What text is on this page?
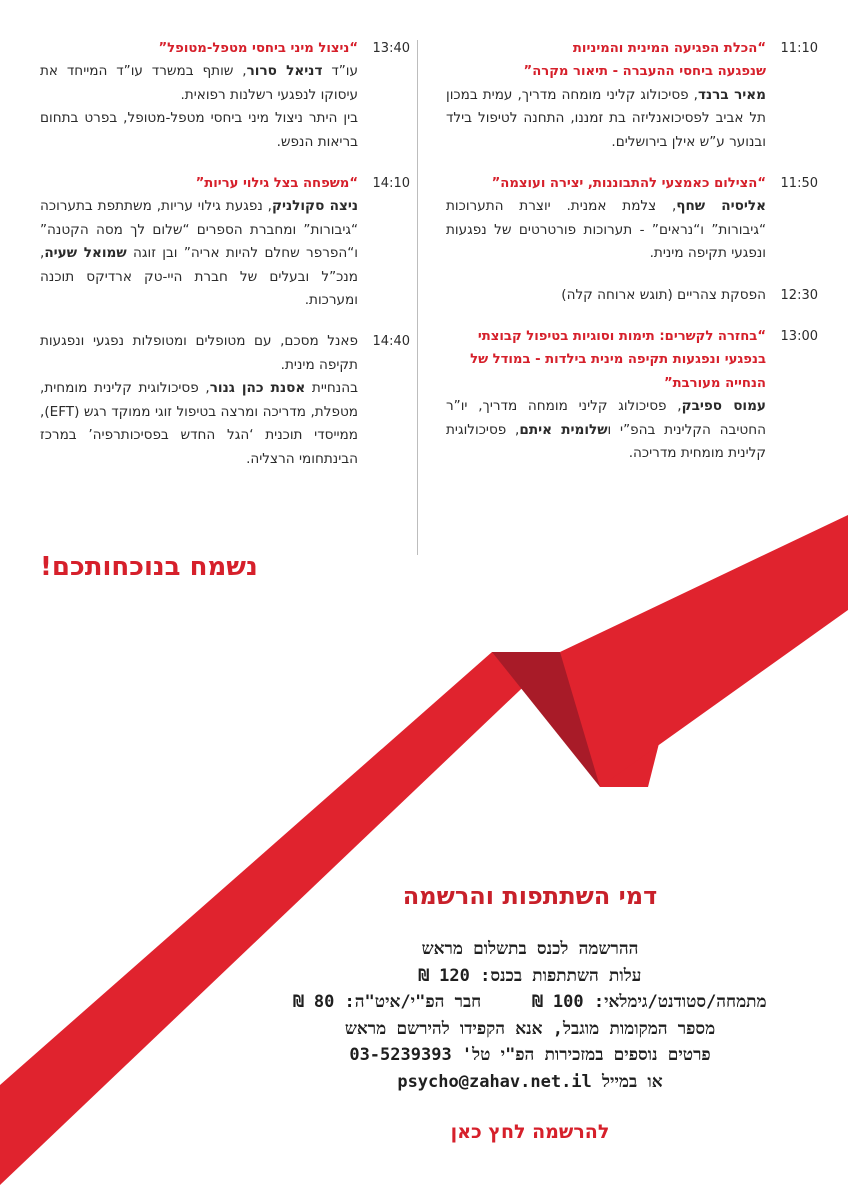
11:10
“הכלת הפגיעה המינית והמיניות
שנפגעה ביחסי ההעברה - תיאור מקרה”
מאיר ברנד, פסיכולוג קליני מומחה מדריך, עמית במכון תל אביב לפסיכואנליזה בת זמננו, התחנה לטיפול בילד ובנוער ע”ש אילן בירושלים.
11:50
“הצילום כאמצעי להתבוננות, יצירה ועוצמה”
אליסיה שחף, צלמת אמנית. יוצרת התערוכות “גיבורות” ו“נראים” - תערוכות פורטרטים של נפגעות ונפגעי תקיפה מינית.
12:30
הפסקת צהריים (תוגש ארוחה קלה)
13:00
“בחזרה לקשרים: תימות וסוגיות בטיפול קבוצתי
בנפגעי ונפגעות תקיפה מינית בילדות - במודל של
הנחייה מעורבת”
עמוס ספיבק, פסיכולוג קליני מומחה מדריך, יו”ר החטיבה הקלינית בהפ”י ושלומית איתם, פסיכולוגית קלינית מומחית מדריכה.
13:40
“ניצול מיני ביחסי מטפל-מטופל”
עו”ד דניאל סרור, שותף במשרד עו”ד המייחד את עיסוקו לנפגעי רשלנות רפואית.
בין היתר ניצול מיני ביחסי מטפל-מטופל, בפרט בתחום בריאות הנפש.
14:10
“משפחה בצל גילוי עריות”
ניצה סקולניק, נפגעת גילוי עריות, משתתפת בתערוכה “גיבורות” ומחברת הספרים “שלום לך מסה הקטנה” ו“הפרפר שחלם להיות אריה” ובן זוגה שמואל שעיה, מנכ”ל ובעלים של חברת היי-טק ארדיקס תוכנה ומערכות.
14:40
פאנל מסכם, עם מטופלים ומטופלות נפגעי ונפגעות תקיפה מינית.
בהנחיית אסנת כהן גנור, פסיכולוגית קלינית מומחית, מטפלת, מדריכה ומרצה בטיפול זוגי ממוקד רגש (EFT), ממייסדי תוכנית ‘הגל החדש בפסיכותרפיה’ במרכז הבינתחומי הרצליה.
נשמח בנוכחותכם!
דמי השתתפות והרשמה
ההרשמה לכנס בתשלום מראש
עלות השתתפות בכנס: 120 ₪
מתמחה/סטודנט/גימלאי: 100 ₪     חבר הפ"י/איט"ה: 80 ₪
מספר המקומות מוגבל, אנא הקפידו להירשם מראש
פרטים נוספים במזכירות הפ"י טל' 03-5239393
או במייל psycho@zahav.net.il
להרשמה לחץ כאן
